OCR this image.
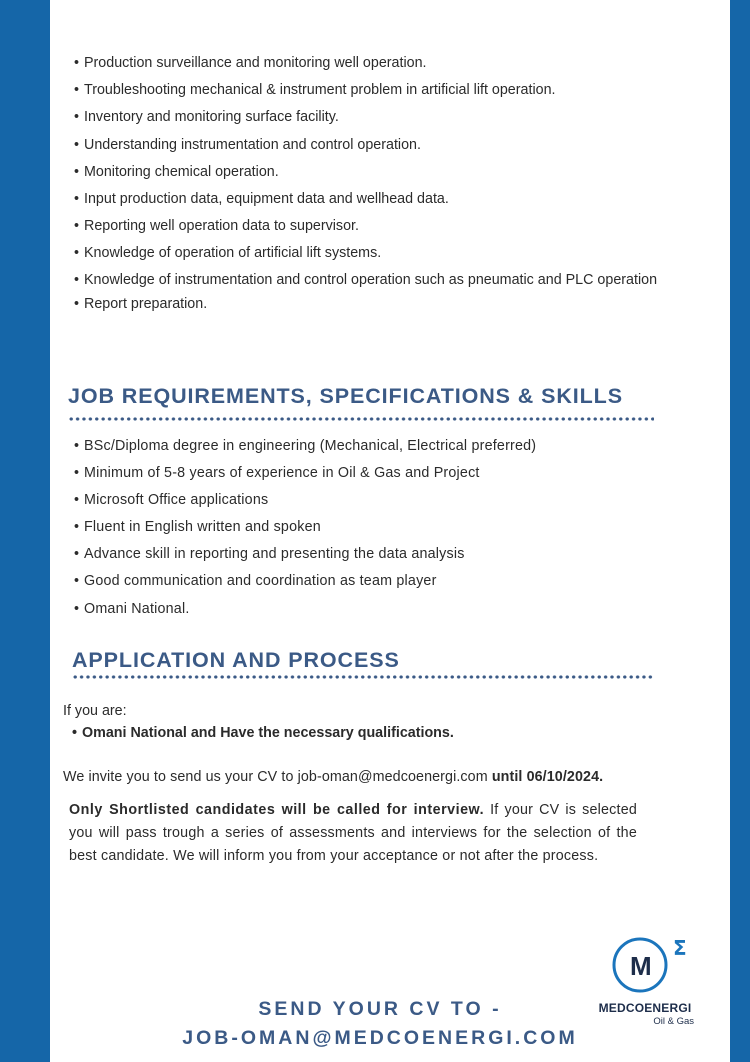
• Production surveillance and monitoring well operation.
• Troubleshooting mechanical & instrument problem in artificial lift operation.
• Inventory and monitoring surface facility.
• Understanding instrumentation and control operation.
• Monitoring chemical operation.
• Input production data, equipment data and wellhead data.
• Reporting well operation data to supervisor.
• Knowledge of operation of artificial lift systems.
• Knowledge of instrumentation and control operation such as pneumatic and PLC operation
• Report preparation.
JOB REQUIREMENTS, SPECIFICATIONS & SKILLS
• BSc/Diploma degree in engineering (Mechanical, Electrical preferred)
• Minimum of 5-8 years of experience in Oil & Gas and Project
• Microsoft Office applications
• Fluent in English written and spoken
• Advance skill in reporting and presenting the data analysis
• Good communication and coordination as team player
• Omani National.
APPLICATION AND PROCESS
If you are:
• Omani National and Have the necessary qualifications.
We invite you to send us your CV to job-oman@medcoenergi.com until 06/10/2024.
Only Shortlisted candidates will be called for interview. If your CV is selected you will pass trough a series of assessments and interviews for the selection of the best candidate. We will inform you from your acceptance or not after the process.
SEND YOUR CV TO -
JOB-OMAN@MEDCOENERGI.COM
M
Σ
MEDCOENERGI
Oil & Gas
